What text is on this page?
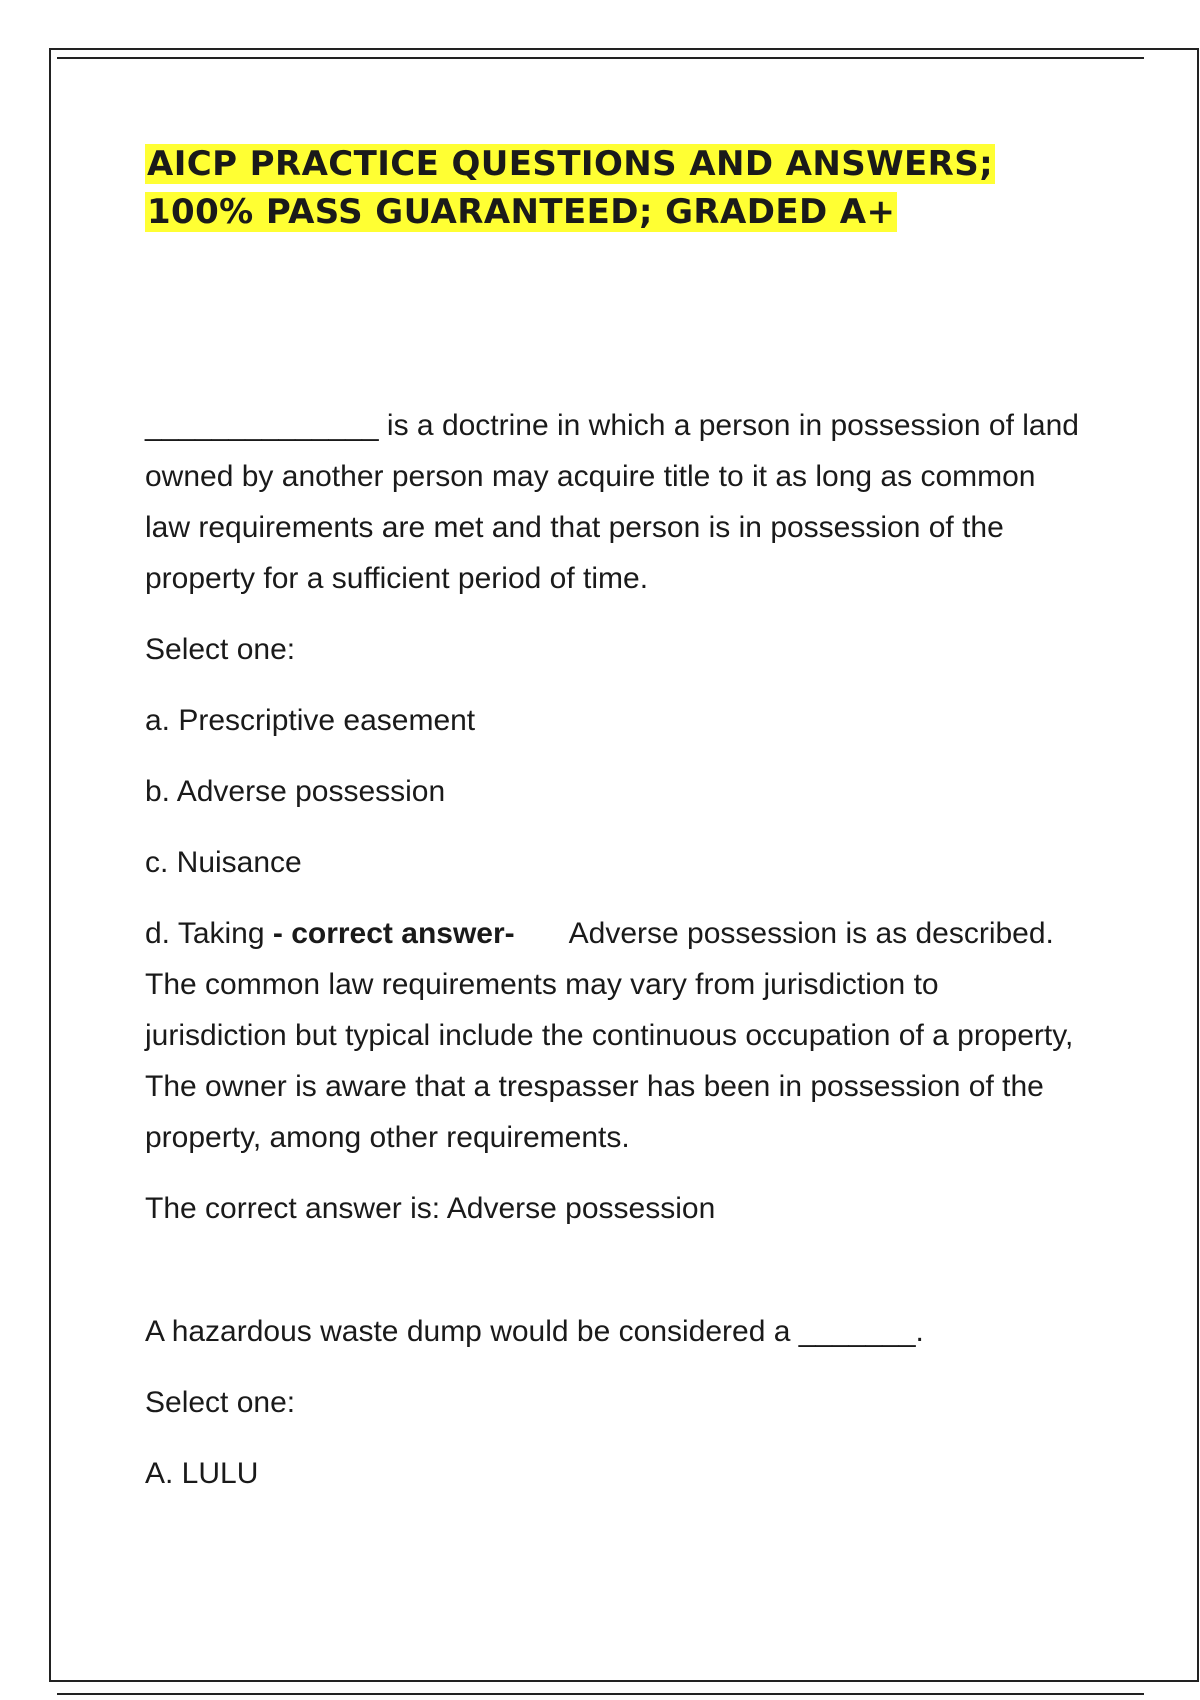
AICP PRACTICE QUESTIONS AND ANSWERS;
100% PASS GUARANTEED; GRADED A+

______________ is a doctrine in which a person in possession of land owned by another person may acquire title to it as long as common law requirements are met and that person is in possession of the property for a sufficient period of time.

Select one:

a. Prescriptive easement

b. Adverse possession

c. Nuisance

d. Taking - correct answer- Adverse possession is as described. The common law requirements may vary from jurisdiction to jurisdiction but typical include the continuous occupation of a property, The owner is aware that a trespasser has been in possession of the property, among other requirements.

The correct answer is: Adverse possession

A hazardous waste dump would be considered a _______.

Select one:

A. LULU
